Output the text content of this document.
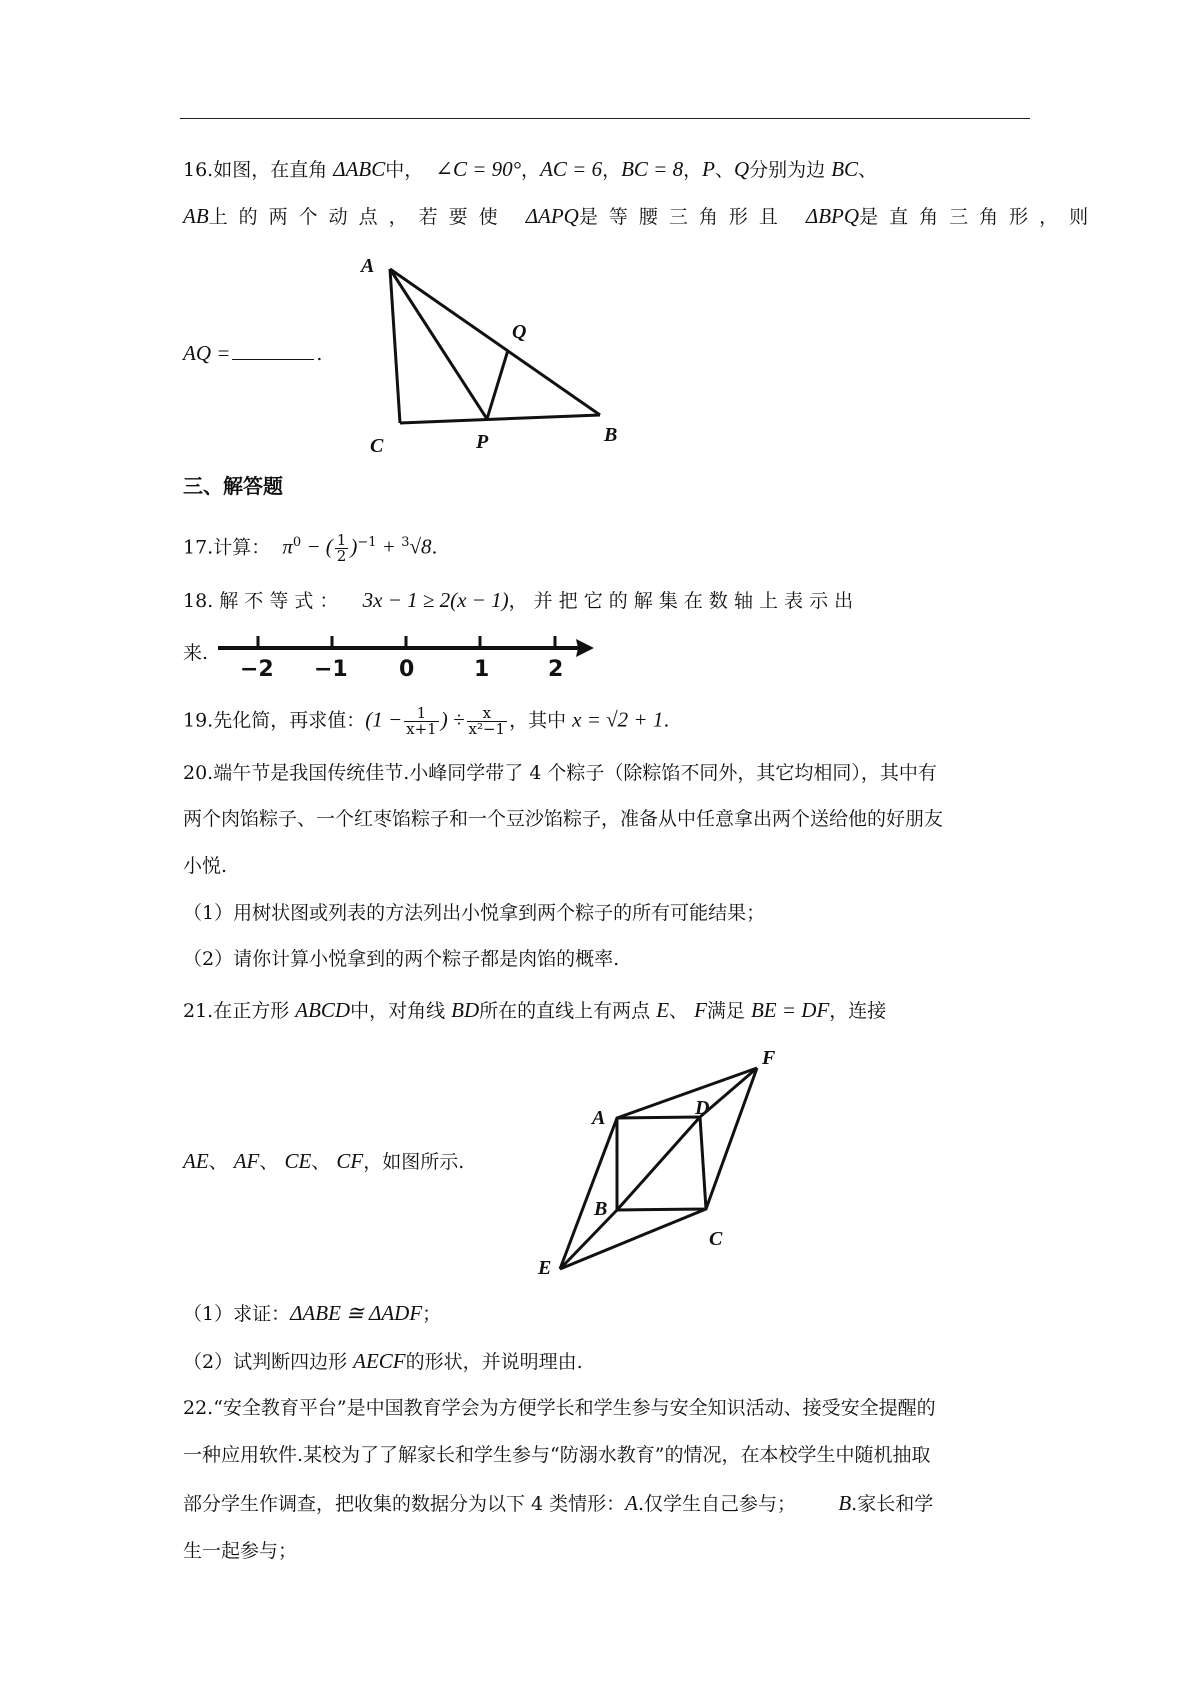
16.如图，在直角 ΔABC中， ∠C = 90°，AC = 6，BC = 8，P、Q分别为边 BC、
AB上的两个动点，若要使 ΔAPQ是等腰三角形且 ΔBPQ是直角三角形，则
AQ =	.
A
C	P	B
Q
三、解答题
17.计算： $\pi^0$ − ( $\frac{1}{2} )^{-1} + ^3√8$.
18. 解 不 等 式 ： 3x − 1 ≥ 2(x − 1)， 并 把 它 的 解 集 在 数 轴 上 表 示 出
来.
−2 −1 0	1	2
19.先化简，再求值：($1 - \frac{1}{x+1}$ ) ÷ $\frac{x}{\text{x²−1}}$ ，其中 x = √2 + 1.
20.端午节是我国传统佳节.小峰同学带了 4 个粽子（除粽馅不同外，其它均相同），其中有
两个肉馅粽子、一个红枣馅粽子和一个豆沙馅粽子，准备从中任意拿出两个送给他的好朋友
小悦.
（1）用树状图或列表的方法列出小悦拿到两个粽子的所有可能结果；
（2）请你计算小悦拿到的两个粽子都是肉馅的概率.
21.在正方形 ABCD中，对角线 BD所在的直线上有两点 E、 F满足 BE = DF，连接
AE、 AF、 CE、 CF，如图所示.
A
B
C
D
E
F
（1）求证：ΔABE ≅ ΔADF；
（2）试判断四边形 AECF的形状，并说明理由.
22.“安全教育平台”是中国教育学会为方便学长和学生参与安全知识活动、接受安全提醒的
一种应用软件.某校为了了解家长和学生参与“防溺水教育”的情况，在本校学生中随机抽取
部分学生作调查，把收集的数据分为以下 4 类情形：A.仅学生自己参与； B.家长和学
生一起参与；
